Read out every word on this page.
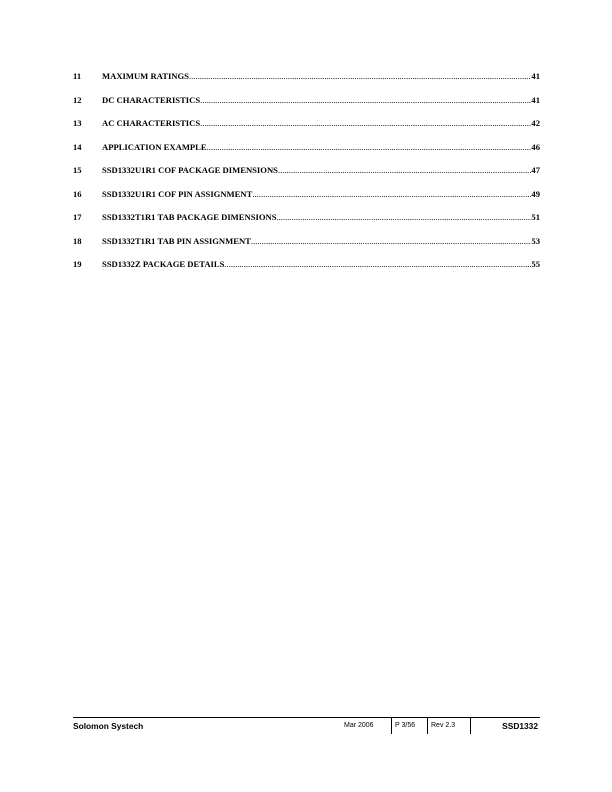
11	MAXIMUM RATINGS .....	41
12	DC CHARACTERISTICS .....	41
13	AC CHARACTERISTICS .....	42
14	APPLICATION EXAMPLE .....	46
15	SSD1332U1R1 COF PACKAGE DIMENSIONS .....	47
16	SSD1332U1R1 COF PIN ASSIGNMENT .....	49
17	SSD1332T1R1 TAB PACKAGE DIMENSIONS .....	51
18	SSD1332T1R1 TAB PIN ASSIGNMENT .....	53
19	SSD1332Z PACKAGE DETAILS .....	55
Solomon Systech	Mar 2006	P 3/56	Rev 2.3	SSD1332
